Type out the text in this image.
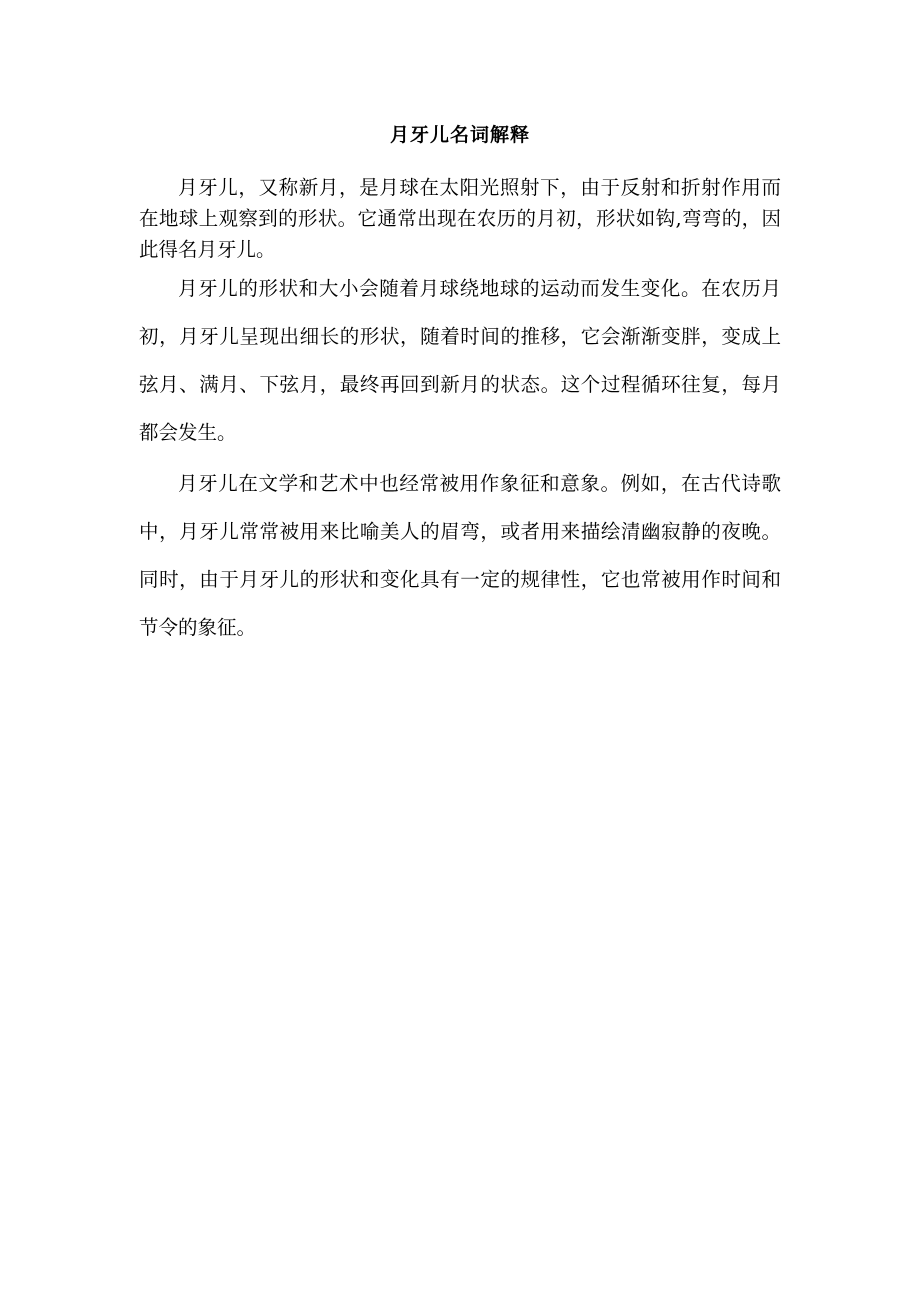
月牙儿名词解释

月牙儿，又称新月，是月球在太阳光照射下，由于反射和折射作用而在地球上观察到的形状。它通常出现在农历的月初，形状如钩,弯弯的，因此得名月牙儿。

月牙儿的形状和大小会随着月球绕地球的运动而发生变化。在农历月初，月牙儿呈现出细长的形状，随着时间的推移，它会渐渐变胖，变成上弦月、满月、下弦月，最终再回到新月的状态。这个过程循环往复，每月都会发生。

月牙儿在文学和艺术中也经常被用作象征和意象。例如，在古代诗歌中，月牙儿常常被用来比喻美人的眉弯，或者用来描绘清幽寂静的夜晚。同时，由于月牙儿的形状和变化具有一定的规律性，它也常被用作时间和节令的象征。
